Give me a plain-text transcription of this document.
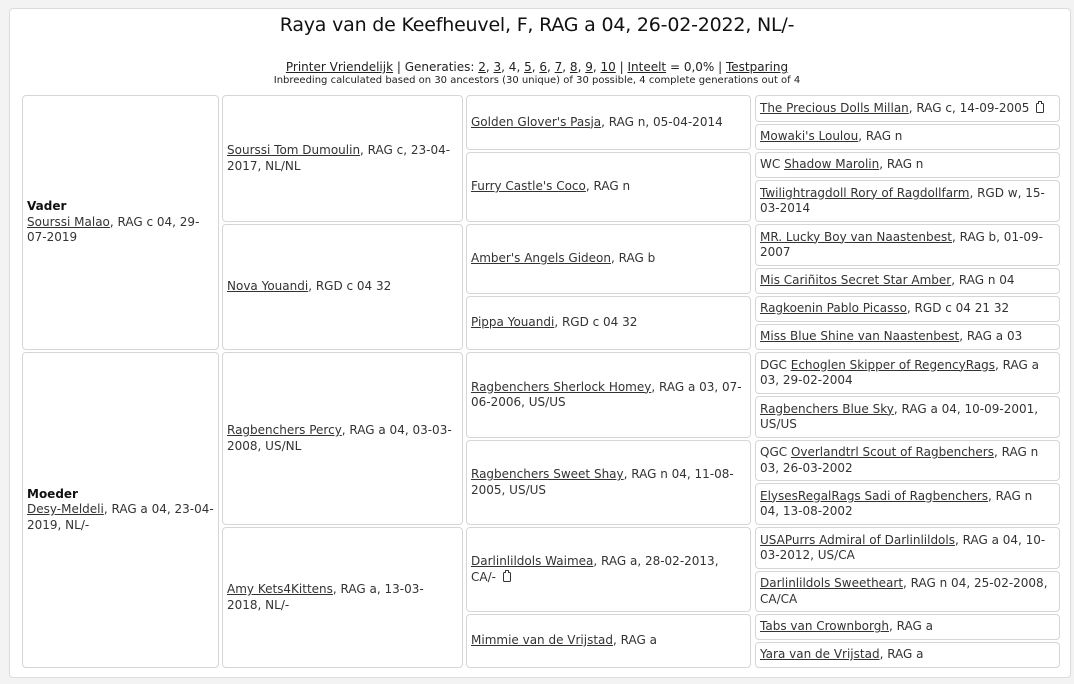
Raya van de Keefheuvel, F, RAG a 04, 26-02-2022, NL/-
Printer Vriendelijk | Generaties: 2, 3, 4, 5, 6, 7, 8, 9, 10 | Inteelt = 0,0% | Testparing
Inbreeding calculated based on 30 ancestors (30 unique) of 30 possible, 4 complete generations out of 4
Vader
Sourssi Malao, RAG c 04, 29-07-2019
Moeder
Desy-Meldeli, RAG a 04, 23-04-2019, NL/-
Sourssi Tom Dumoulin, RAG c, 23-04-2017, NL/NL
Nova Youandi, RGD c 04 32
Ragbenchers Percy, RAG a 04, 03-03-2008, US/NL
Amy Kets4Kittens, RAG a, 13-03-2018, NL/-
Golden Glover's Pasja, RAG n, 05-04-2014
Furry Castle's Coco, RAG n
Amber's Angels Gideon, RAG b
Pippa Youandi, RGD c 04 32
Ragbenchers Sherlock Homey, RAG a 03, 07-06-2006, US/US
Ragbenchers Sweet Shay, RAG n 04, 11-08-2005, US/US
Darlinlildols Waimea, RAG a, 28-02-2013, CA/-
Mimmie van de Vrijstad, RAG a
The Precious Dolls Millan, RAG c, 14-09-2005
Mowaki's Loulou, RAG n
WC Shadow Marolin, RAG n
Twilightragdoll Rory of Ragdollfarm, RGD w, 15-03-2014
MR. Lucky Boy van Naastenbest, RAG b, 01-09-2007
Mis Cariñitos Secret Star Amber, RAG n 04
Ragkoenin Pablo Picasso, RGD c 04 21 32
Miss Blue Shine van Naastenbest, RAG a 03
DGC Echoglen Skipper of RegencyRags, RAG a 03, 29-02-2004
Ragbenchers Blue Sky, RAG a 04, 10-09-2001, US/US
QGC Overlandtrl Scout of Ragbenchers, RAG n 03, 26-03-2002
ElysesRegalRags Sadi of Ragbenchers, RAG n 04, 13-08-2002
USAPurrs Admiral of Darlinlildols, RAG a 04, 10-03-2012, US/CA
Darlinlildols Sweetheart, RAG n 04, 25-02-2008, CA/CA
Tabs van Crownborgh, RAG a
Yara van de Vrijstad, RAG a
